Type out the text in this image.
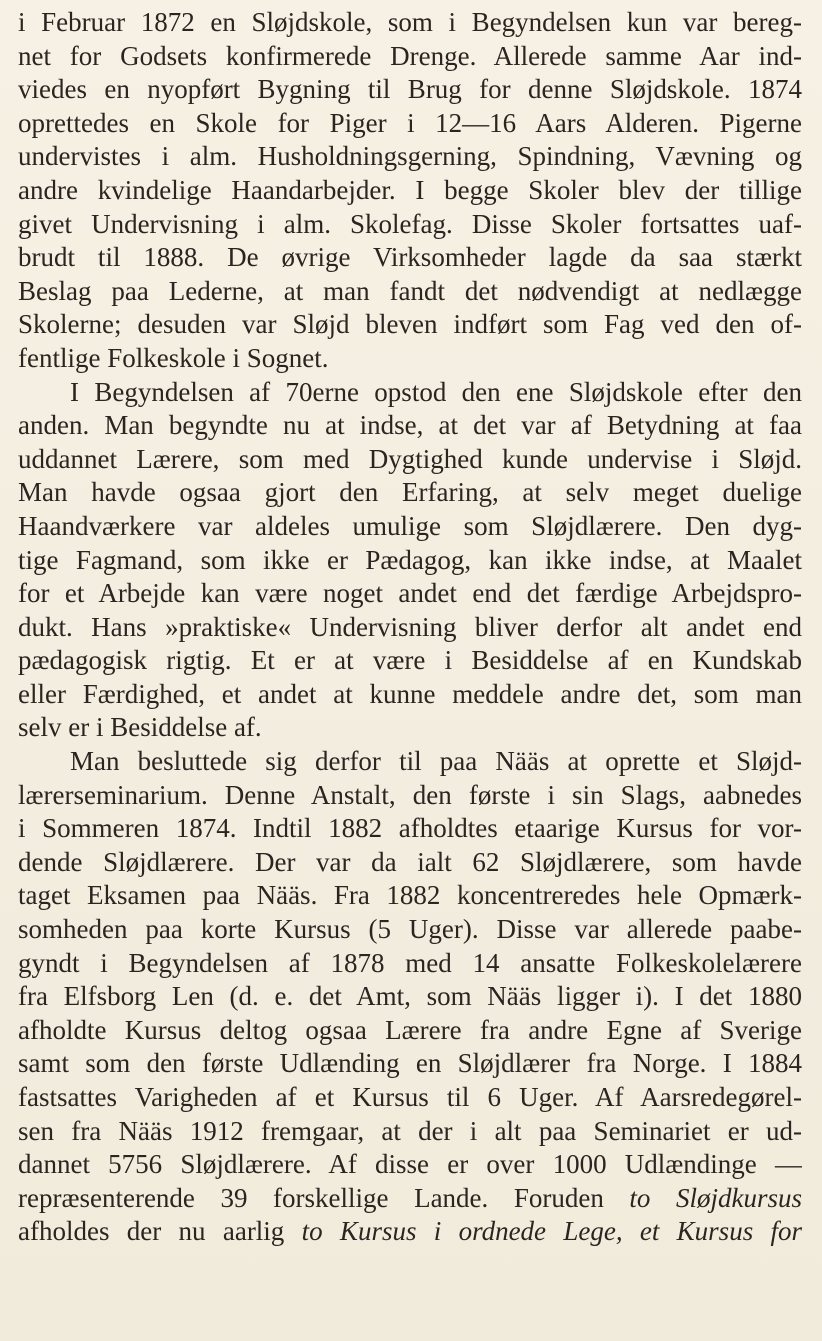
i Februar 1872 en Sløjdskole, som i Begyndelsen kun var bereg-
net for Godsets konfirmerede Drenge. Allerede samme Aar ind-
viedes en nyopført Bygning til Brug for denne Sløjdskole. 1874
oprettedes en Skole for Piger i 12—16 Aars Alderen. Pigerne
undervistes i alm. Husholdningsgerning, Spindning, Vævning og
andre kvindelige Haandarbejder. I begge Skoler blev der tillige
givet Undervisning i alm. Skolefag. Disse Skoler fortsattes uaf-
brudt til 1888. De øvrige Virksomheder lagde da saa stærkt
Beslag paa Lederne, at man fandt det nødvendigt at nedlægge
Skolerne; desuden var Sløjd bleven indført som Fag ved den of-
fentlige Folkeskole i Sognet.
I Begyndelsen af 70erne opstod den ene Sløjdskole efter den
anden. Man begyndte nu at indse, at det var af Betydning at faa
uddannet Lærere, som med Dygtighed kunde undervise i Sløjd.
Man havde ogsaa gjort den Erfaring, at selv meget duelige
Haandværkere var aldeles umulige som Sløjdlærere. Den dyg-
tige Fagmand, som ikke er Pædagog, kan ikke indse, at Maalet
for et Arbejde kan være noget andet end det færdige Arbejdspro-
dukt. Hans »praktiske« Undervisning bliver derfor alt andet end
pædagogisk rigtig. Et er at være i Besiddelse af en Kundskab
eller Færdighed, et andet at kunne meddele andre det, som man
selv er i Besiddelse af.
Man besluttede sig derfor til paa Nääs at oprette et Sløjd-
lærerseminarium. Denne Anstalt, den første i sin Slags, aabnedes
i Sommeren 1874. Indtil 1882 afholdtes etaarige Kursus for vor-
dende Sløjdlærere. Der var da ialt 62 Sløjdlærere, som havde
taget Eksamen paa Nääs. Fra 1882 koncentreredes hele Opmærk-
somheden paa korte Kursus (5 Uger). Disse var allerede paabe-
gyndt i Begyndelsen af 1878 med 14 ansatte Folkeskolelærere
fra Elfsborg Len (d. e. det Amt, som Nääs ligger i). I det 1880
afholdte Kursus deltog ogsaa Lærere fra andre Egne af Sverige
samt som den første Udlænding en Sløjdlærer fra Norge. I 1884
fastsattes Varigheden af et Kursus til 6 Uger. Af Aarsredegørel-
sen fra Nääs 1912 fremgaar, at der i alt paa Seminariet er ud-
dannet 5756 Sløjdlærere. Af disse er over 1000 Udlændinge —
repræsenterende 39 forskellige Lande. Foruden to Sløjdkursus
afholdes der nu aarlig to Kursus i ordnede Lege, et Kursus for
